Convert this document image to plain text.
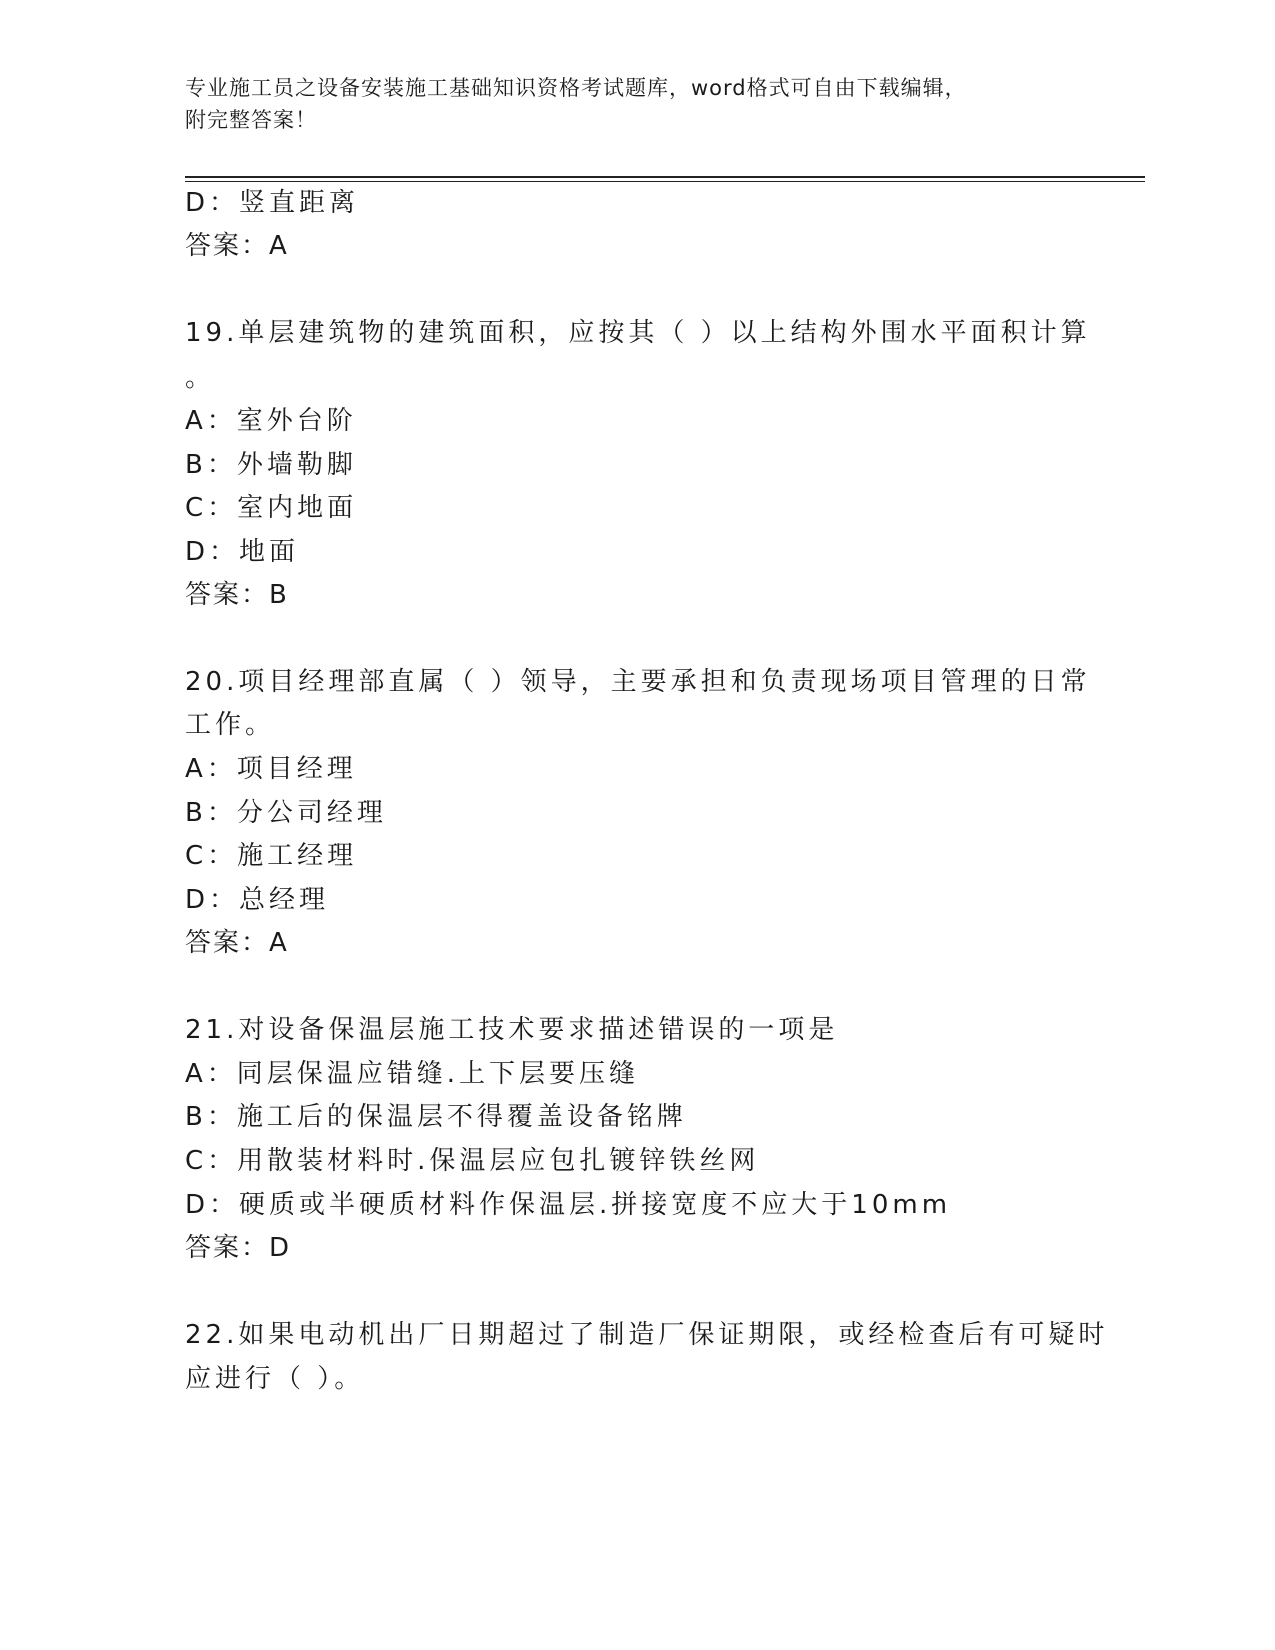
专业施工员之设备安装施工基础知识资格考试题库，word格式可自由下载编辑，
附完整答案！
D：竖直距离
答案：A
19.单层建筑物的建筑面积，应按其（ ）以上结构外围水平面积计算
。
A：室外台阶
B：外墙勒脚
C：室内地面
D：地面
答案：B
20.项目经理部直属（ ）领导，主要承担和负责现场项目管理的日常
工作。
A：项目经理
B：分公司经理
C：施工经理
D：总经理
答案：A
21.对设备保温层施工技术要求描述错误的一项是
A：同层保温应错缝.上下层要压缝
B：施工后的保温层不得覆盖设备铭牌
C：用散装材料时.保温层应包扎镀锌铁丝网
D：硬质或半硬质材料作保温层.拼接宽度不应大于10mm
答案：D
22.如果电动机出厂日期超过了制造厂保证期限，或经检查后有可疑时
应进行（ ）。
